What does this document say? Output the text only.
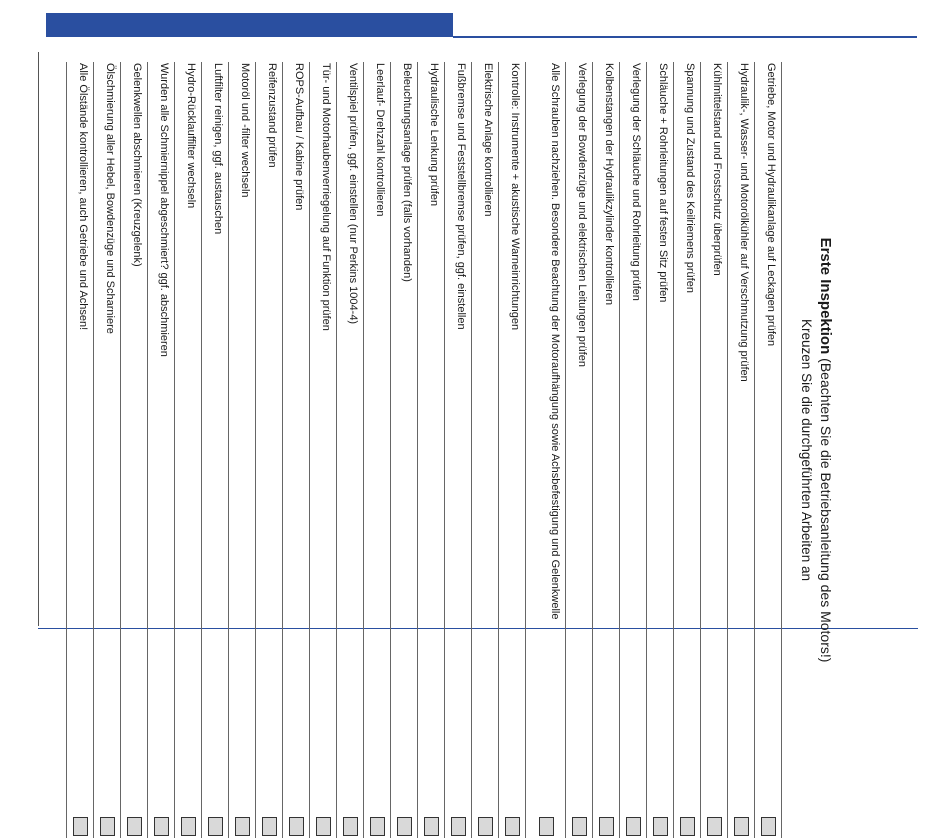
Erste Inspektion (Beachten Sie die Betriebsanleitung des Motors!)
Kreuzen Sie die durchgeführten Arbeiten an
Getriebe, Motor und Hydraulikanlage auf Leckagen prüfen
Hydraulik-, Wasser- und Motorölkühler auf Verschmutzung prüfen
Kühlmittelstand und Frostschutz überprüfen
Spannung und Zustand des Keilriemens prüfen
Schläuche + Rohrleitungen auf festen Sitz prüfen
Verlegung der Schläuche und Rohrleitung prüfen
Kolbenstangen der Hydraulikzylinder kontrollieren
Verlegung der Bowdenzüge und elektrischen Leitungen prüfen
Alle Schrauben nachziehen. Besondere Beachtung der Motoraufhängung sowie Achsbefestigung und Gelenkwelle
Kontrolle: Instrumente + akustische Warneinrichtungen
Elektrische Anlage kontrollieren
Fußbremse und Feststellbremse prüfen, ggf. einstellen
Hydraulische Lenkung prüfen
Beleuchtungsanlage prüfen (falls vorhanden)
Leerlauf- Drehzahl kontrollieren
Ventilspiel prüfen, ggf. einstellen (nur Perkins 1004-4)
Tür- und Motorhaubenverriegelung auf Funktion prüfen
ROPS-Aufbau / Kabine prüfen
Reifenzustand prüfen
Motoröl und -filter wechseln
Luftfilter reinigen, ggf. austauschen
Hydro-Rücklauffilter wechseln
Wurden alle Schmiernippel abgeschmiert? ggf. abschmieren
Gelenkwellen abschmieren (Kreuzgelenk)
Ölschmierung aller Hebel, Bowdenzüge und Scharniere
Alle Ölstände kontrollieren, auch Getriebe und Achsen!
